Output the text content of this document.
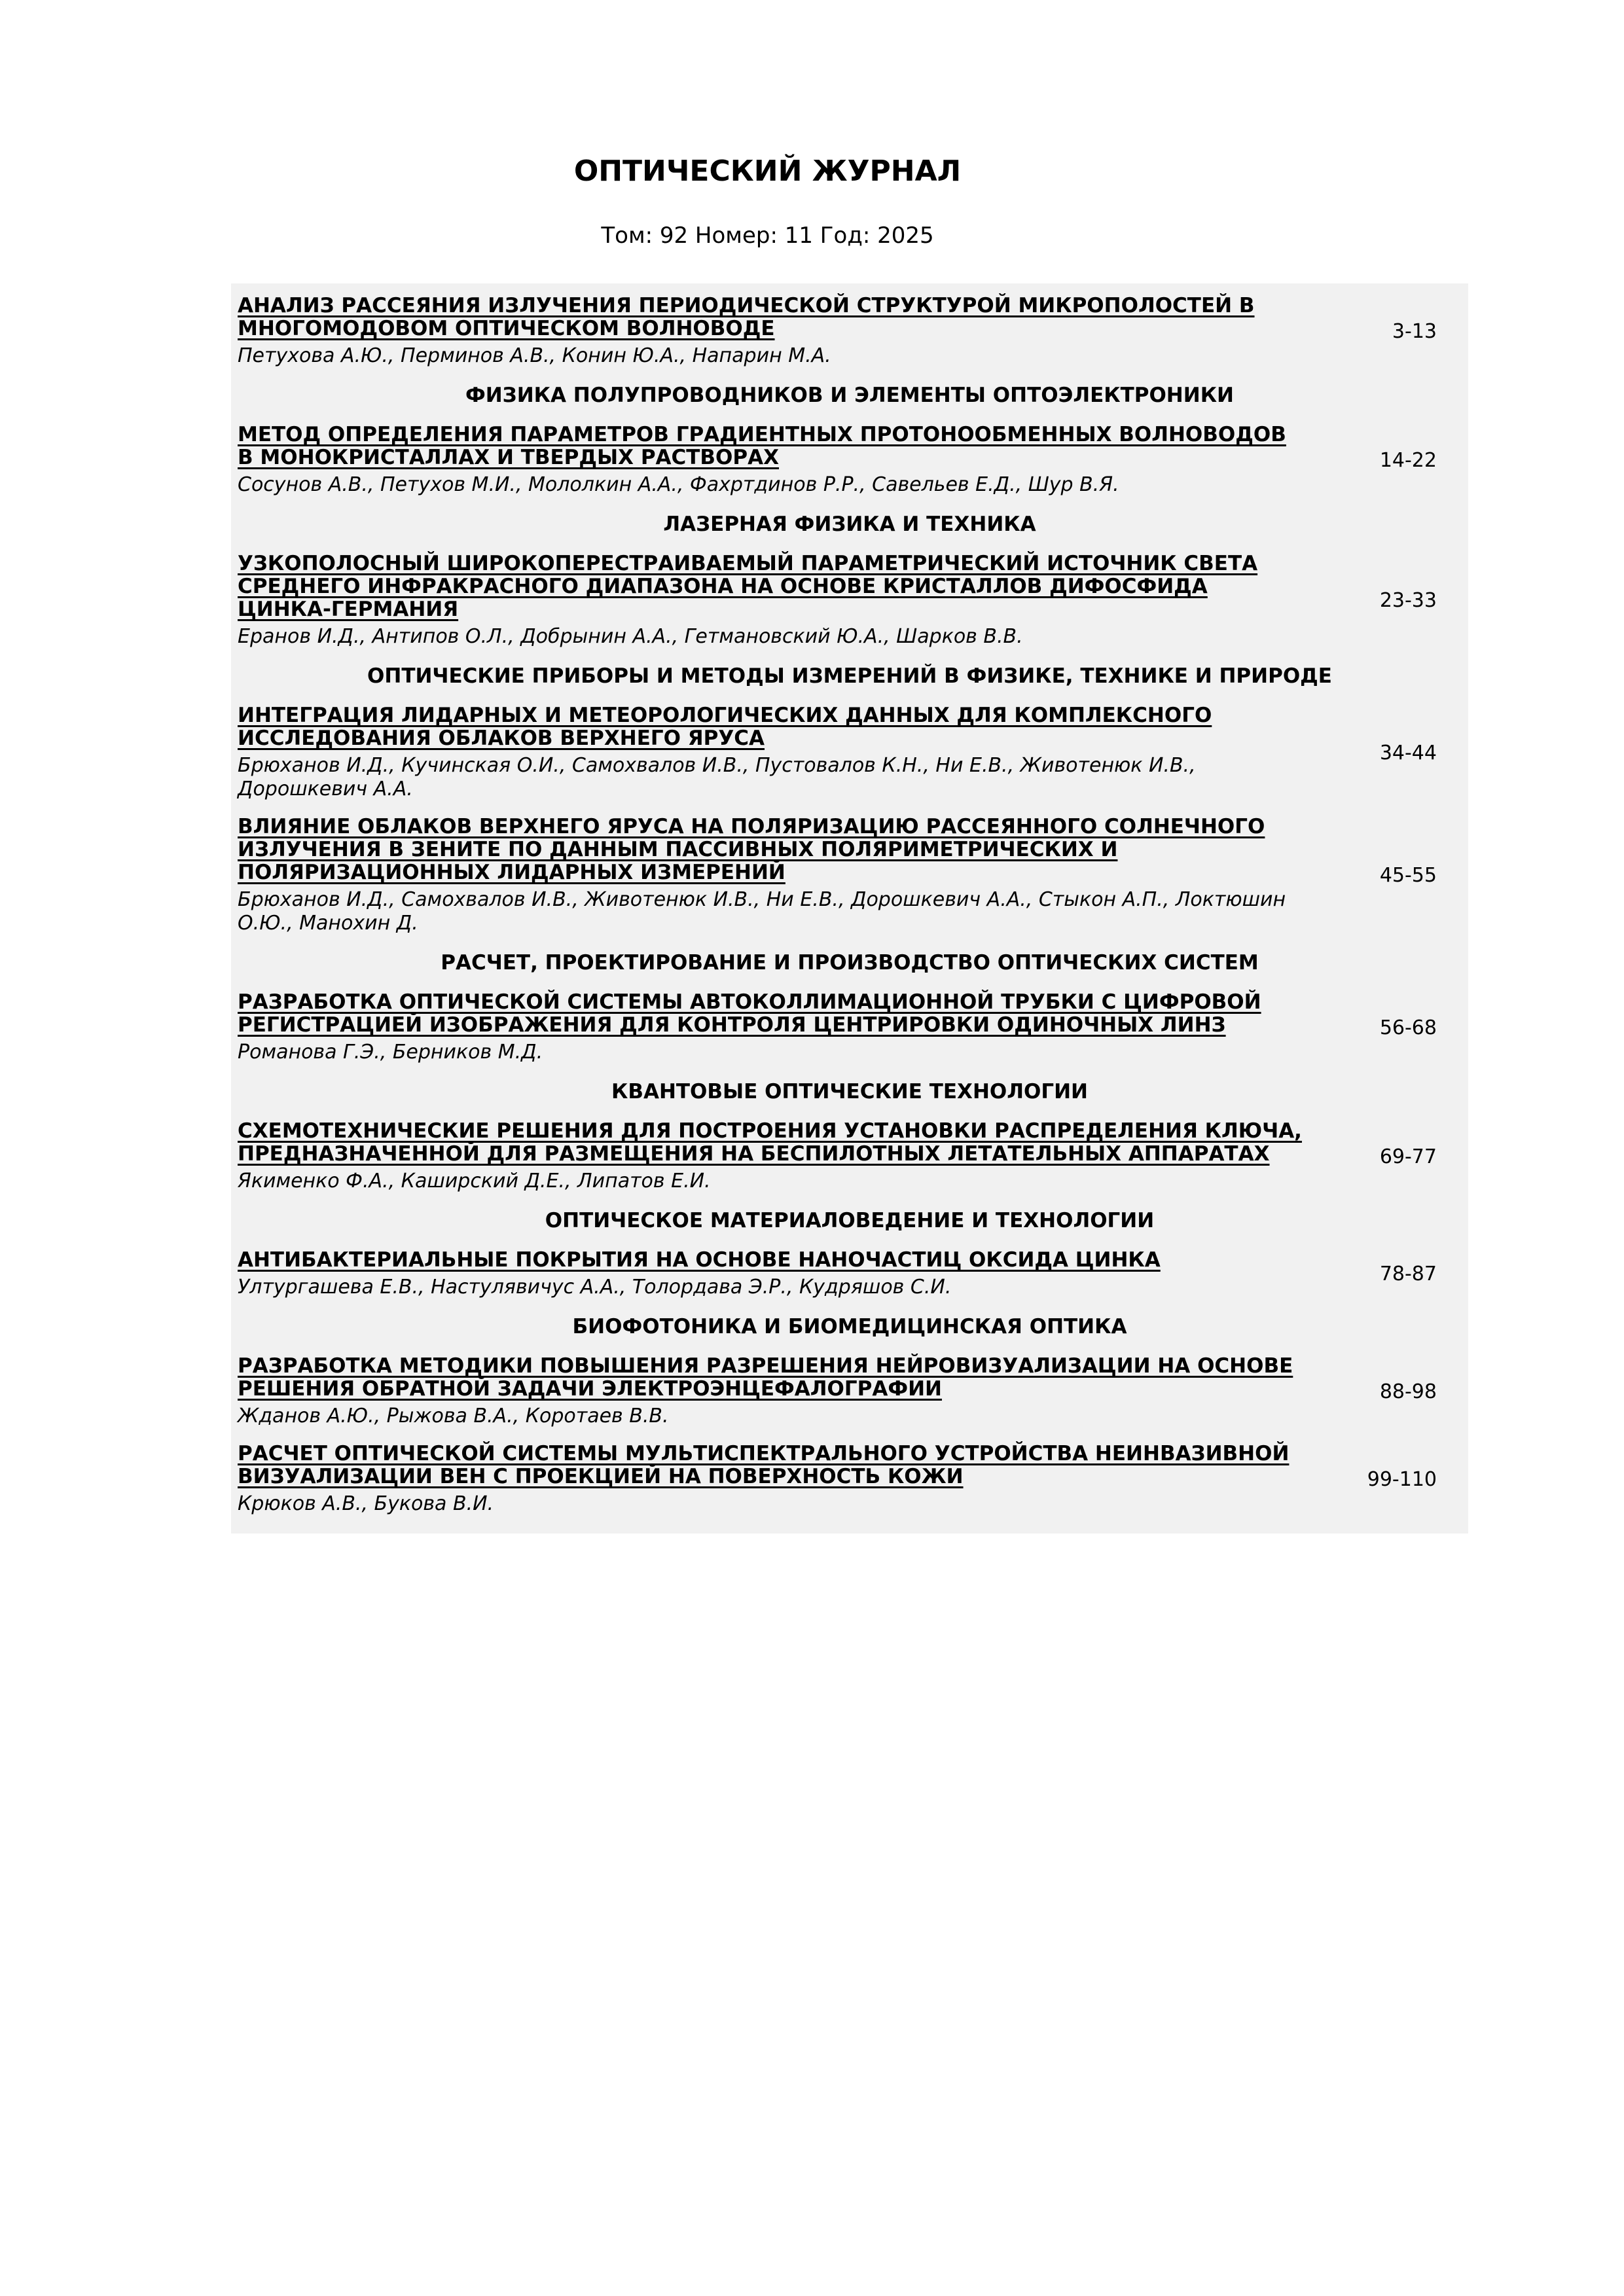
ОПТИЧЕСКИЙ ЖУРНАЛ
Том: 92 Номер: 11 Год: 2025
АНАЛИЗ РАССЕЯНИЯ ИЗЛУЧЕНИЯ ПЕРИОДИЧЕСКОЙ СТРУКТУРОЙ МИКРОПОЛОСТЕЙ В МНОГОМОДОВОМ ОПТИЧЕСКОМ ВОЛНОВОДЕ
Петухова А.Ю., Перминов А.В., Конин Ю.А., Напарин М.А.
3-13
ФИЗИКА ПОЛУПРОВОДНИКОВ И ЭЛЕМЕНТЫ ОПТОЭЛЕКТРОНИКИ
МЕТОД ОПРЕДЕЛЕНИЯ ПАРАМЕТРОВ ГРАДИЕНТНЫХ ПРОТОНООБМЕННЫХ ВОЛНОВОДОВ В МОНОКРИСТАЛЛАХ И ТВЕРДЫХ РАСТВОРАХ
Сосунов А.В., Петухов М.И., Мололкин А.А., Фахртдинов Р.Р., Савельев Е.Д., Шур В.Я.
14-22
ЛАЗЕРНАЯ ФИЗИКА И ТЕХНИКА
УЗКОПОЛОСНЫЙ ШИРОКОПЕРЕСТРАИВАЕМЫЙ ПАРАМЕТРИЧЕСКИЙ ИСТОЧНИК СВЕТА СРЕДНЕГО ИНФРАКРАСНОГО ДИАПАЗОНА НА ОСНОВЕ КРИСТАЛЛОВ ДИФОСФИДА ЦИНКА-ГЕРМАНИЯ
Еранов И.Д., Антипов О.Л., Добрынин А.А., Гетмановский Ю.А., Шарков В.В.
23-33
ОПТИЧЕСКИЕ ПРИБОРЫ И МЕТОДЫ ИЗМЕРЕНИЙ В ФИЗИКЕ, ТЕХНИКЕ И ПРИРОДЕ
ИНТЕГРАЦИЯ ЛИДАРНЫХ И МЕТЕОРОЛОГИЧЕСКИХ ДАННЫХ ДЛЯ КОМПЛЕКСНОГО ИССЛЕДОВАНИЯ ОБЛАКОВ ВЕРХНЕГО ЯРУСА
Брюханов И.Д., Кучинская О.И., Самохвалов И.В., Пустовалов К.Н., Ни Е.В., Животенюк И.В., Дорошкевич А.А.
34-44
ВЛИЯНИЕ ОБЛАКОВ ВЕРХНЕГО ЯРУСА НА ПОЛЯРИЗАЦИЮ РАССЕЯННОГО СОЛНЕЧНОГО ИЗЛУЧЕНИЯ В ЗЕНИТЕ ПО ДАННЫМ ПАССИВНЫХ ПОЛЯРИМЕТРИЧЕСКИХ И ПОЛЯРИЗАЦИОННЫХ ЛИДАРНЫХ ИЗМЕРЕНИЙ
Брюханов И.Д., Самохвалов И.В., Животенюк И.В., Ни Е.В., Дорошкевич А.А., Стыкон А.П., Локтюшин О.Ю., Манохин Д.
45-55
РАСЧЕТ, ПРОЕКТИРОВАНИЕ И ПРОИЗВОДСТВО ОПТИЧЕСКИХ СИСТЕМ
РАЗРАБОТКА ОПТИЧЕСКОЙ СИСТЕМЫ АВТОКОЛЛИМАЦИОННОЙ ТРУБКИ С ЦИФРОВОЙ РЕГИСТРАЦИЕЙ ИЗОБРАЖЕНИЯ ДЛЯ КОНТРОЛЯ ЦЕНТРИРОВКИ ОДИНОЧНЫХ ЛИНЗ
Романова Г.Э., Берников М.Д.
56-68
КВАНТОВЫЕ ОПТИЧЕСКИЕ ТЕХНОЛОГИИ
СХЕМОТЕХНИЧЕСКИЕ РЕШЕНИЯ ДЛЯ ПОСТРОЕНИЯ УСТАНОВКИ РАСПРЕДЕЛЕНИЯ КЛЮЧА, ПРЕДНАЗНАЧЕННОЙ ДЛЯ РАЗМЕЩЕНИЯ НА БЕСПИЛОТНЫХ ЛЕТАТЕЛЬНЫХ АППАРАТАХ
Якименко Ф.А., Каширский Д.Е., Липатов Е.И.
69-77
ОПТИЧЕСКОЕ МАТЕРИАЛОВЕДЕНИЕ И ТЕХНОЛОГИИ
АНТИБАКТЕРИАЛЬНЫЕ ПОКРЫТИЯ НА ОСНОВЕ НАНОЧАСТИЦ ОКСИДА ЦИНКА
Ултургашева Е.В., Настулявичус А.А., Толордава Э.Р., Кудряшов С.И.
78-87
БИОФОТОНИКА И БИОМЕДИЦИНСКАЯ ОПТИКА
РАЗРАБОТКА МЕТОДИКИ ПОВЫШЕНИЯ РАЗРЕШЕНИЯ НЕЙРОВИЗУАЛИЗАЦИИ НА ОСНОВЕ РЕШЕНИЯ ОБРАТНОЙ ЗАДАЧИ ЭЛЕКТРОЭНЦЕФАЛОГРАФИИ
Жданов А.Ю., Рыжова В.А., Коротаев В.В.
88-98
РАСЧЕТ ОПТИЧЕСКОЙ СИСТЕМЫ МУЛЬТИСПЕКТРАЛЬНОГО УСТРОЙСТВА НЕИНВАЗИВНОЙ ВИЗУАЛИЗАЦИИ ВЕН С ПРОЕКЦИЕЙ НА ПОВЕРХНОСТЬ КОЖИ
Крюков А.В., Букова В.И.
99-110
